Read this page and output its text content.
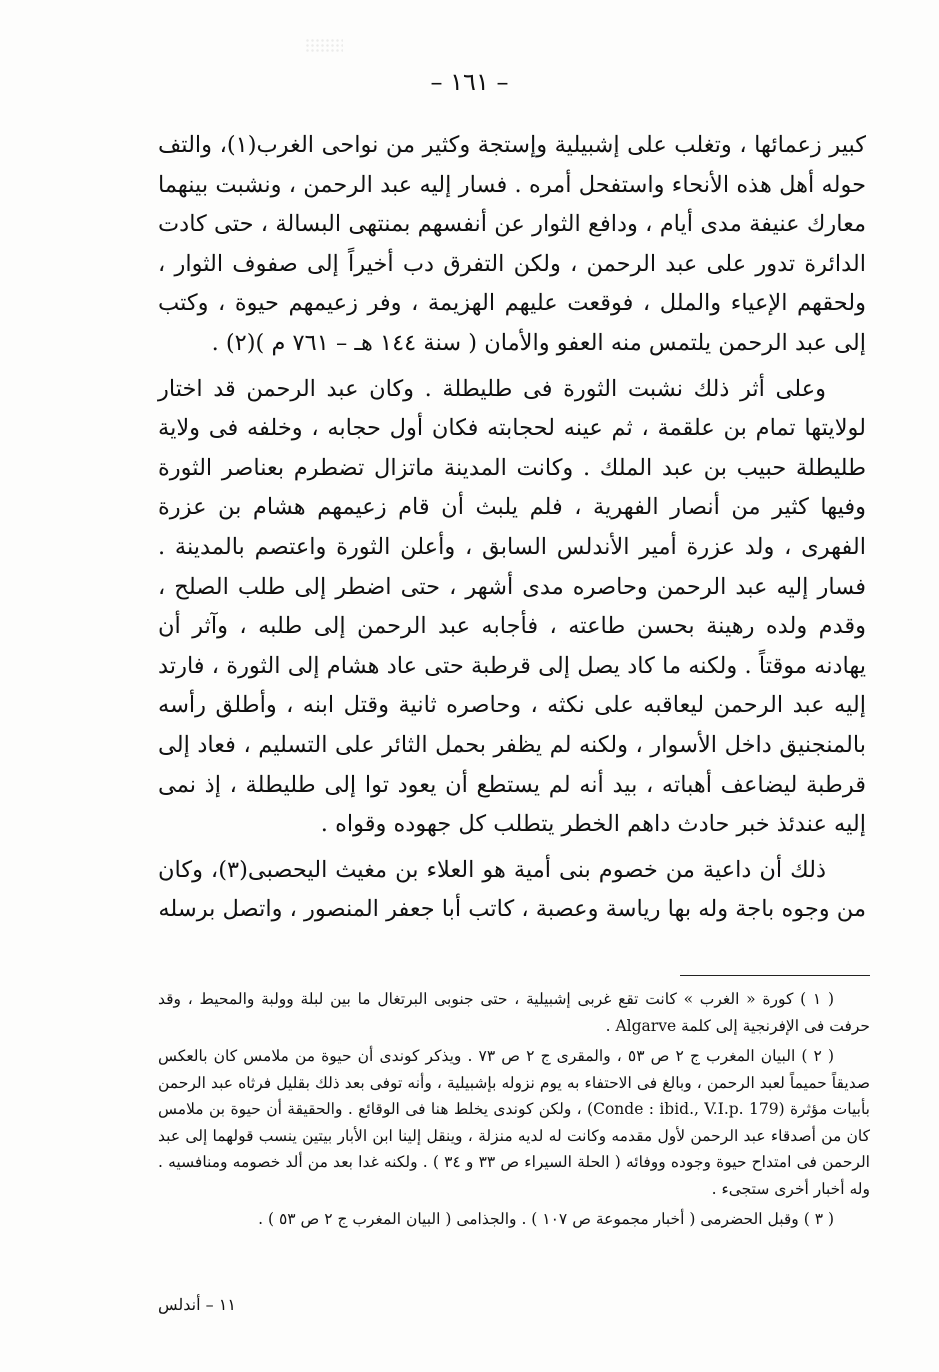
– ١٦١ –

كبير زعمائها ، وتغلب على إشبيلية وإستجة وكثير من نواحى الغرب(١)، والتف حوله أهل هذه الأنحاء واستفحل أمره . فسار إليه عبد الرحمن ، ونشبت بينهما معارك عنيفة مدى أيام ، ودافع الثوار عن أنفسهم بمنتهى البسالة ، حتى كادت الدائرة تدور على عبد الرحمن ، ولكن التفرق دب أخيراً إلى صفوف الثوار ، ولحقهم الإعياء والملل ، فوقعت عليهم الهزيمة ، وفر زعيمهم حيوة ، وكتب إلى عبد الرحمن يلتمس منه العفو والأمان ( سنة ١٤٤ هـ – ٧٦١ م )(٢) .

وعلى أثر ذلك نشبت الثورة فى طليطلة . وكان عبد الرحمن قد اختار لولايتها تمام بن علقمة ، ثم عينه لحجابته فكان أول حجابه ، وخلفه فى ولاية طليطلة حبيب بن عبد الملك . وكانت المدينة ماتزال تضطرم بعناصر الثورة وفيها كثير من أنصار الفهرية ، فلم يلبث أن قام زعيمهم هشام بن عزرة الفهرى ، ولد عزرة أمير الأندلس السابق ، وأعلن الثورة واعتصم بالمدينة . فسار إليه عبد الرحمن وحاصره مدى أشهر ، حتى اضطر إلى طلب الصلح ، وقدم ولده رهينة بحسن طاعته ، فأجابه عبد الرحمن إلى طلبه ، وآثر أن يهادنه موقتاً . ولكنه ما كاد يصل إلى قرطبة حتى عاد هشام إلى الثورة ، فارتد إليه عبد الرحمن ليعاقبه على نكثه ، وحاصره ثانية وقتل ابنه ، وأطلق رأسه بالمنجنيق داخل الأسوار ، ولكنه لم يظفر بحمل الثائر على التسليم ، فعاد إلى قرطبة ليضاعف أهباته ، بيد أنه لم يستطع أن يعود توا إلى طليطلة ، إذ نمى إليه عندئذ خبر حادث داهم الخطر يتطلب كل جهوده وقواه .

ذلك أن داعية من خصوم بنى أمية هو العلاء بن مغيث اليحصبى(٣)، وكان من وجوه باجة وله بها رياسة وعصبة ، كاتب أبا جعفر المنصور ، واتصل برسله

( ١ ) كورة « الغرب » كانت تقع غربى إشبيلية ، حتى جنوبى البرتغال ما بين لبلة وولبة والمحيط ، وقد حرفت فى الإفرنجية إلى كلمة Algarve .

( ٢ ) البيان المغرب ج ٢ ص ٥٣ ، والمقرى ج ٢ ص ٧٣ . ويذكر كوندى أن حيوة من ملامس كان بالعكس صديقاً حميماً لعبد الرحمن ، وبالغ فى الاحتفاء به يوم نزوله بإشبيلية ، وأنه توفى بعد ذلك بقليل فرثاه عبد الرحمن بأبيات مؤثرة (Conde : ibid., V.I.p. 179) ، ولكن كوندى يخلط هنا فى الوقائع . والحقيقة أن حيوة بن ملامس كان من أصدقاء عبد الرحمن لأول مقدمه وكانت له لديه منزلة ، وينقل إلينا ابن الأبار بيتين ينسب قولهما إلى عبد الرحمن فى امتداح حيوة وجوده ووفائه ( الحلة السيراء ص ٣٣ و ٣٤ ) . ولكنه غدا بعد من ألد خصومه ومنافسيه . وله أخبار أخرى ستجىء .

( ٣ ) وقبل الحضرمى ( أخبار مجموعة ص ١٠٧ ) . والجذامى ( البيان المغرب ج ٢ ص ٥٣ ) .

١١ – أندلس
